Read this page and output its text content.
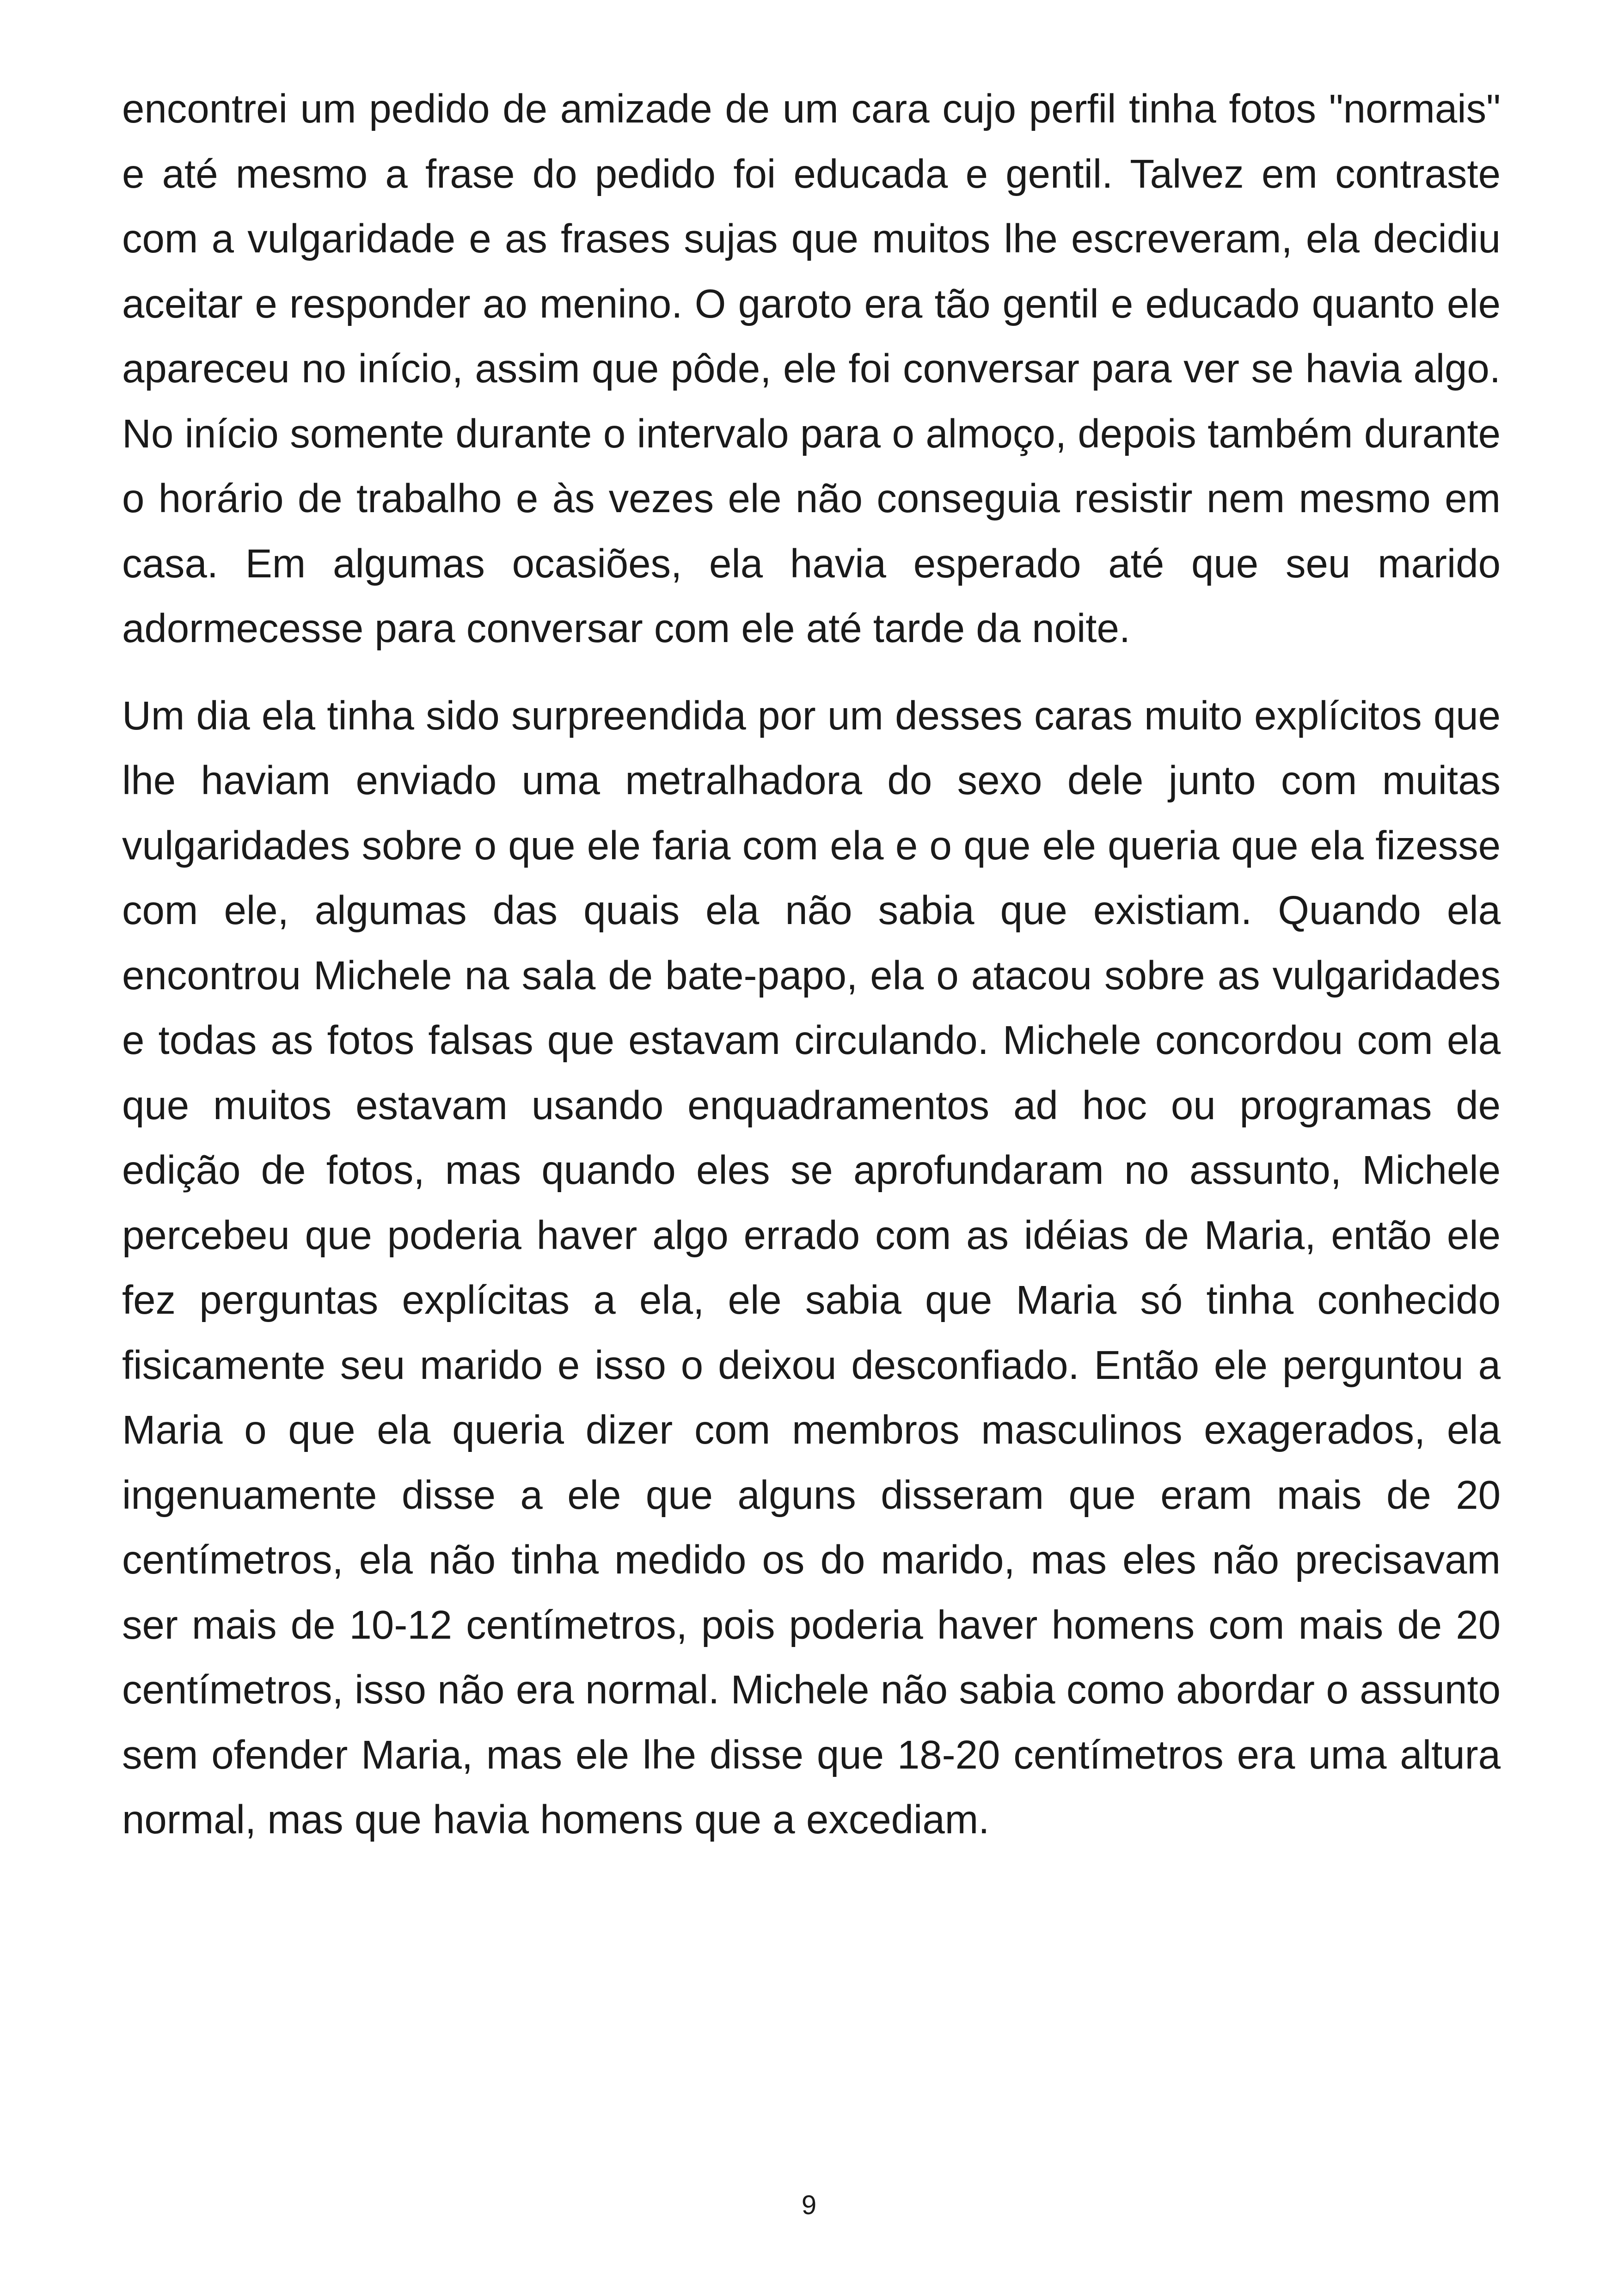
encontrei um pedido de amizade de um cara cujo perfil tinha fotos "normais" e até mesmo a frase do pedido foi educada e gentil. Talvez em contraste com a vulgaridade e as frases sujas que muitos lhe escreveram, ela decidiu aceitar e responder ao menino. O garoto era tão gentil e educado quanto ele apareceu no início, assim que pôde, ele foi conversar para ver se havia algo. No início somente durante o intervalo para o almoço, depois também durante o horário de trabalho e às vezes ele não conseguia resistir nem mesmo em casa. Em algumas ocasiões, ela havia esperado até que seu marido adormecesse para conversar com ele até tarde da noite.

Um dia ela tinha sido surpreendida por um desses caras muito explícitos que lhe haviam enviado uma metralhadora do sexo dele junto com muitas vulgaridades sobre o que ele faria com ela e o que ele queria que ela fizesse com ele, algumas das quais ela não sabia que existiam. Quando ela encontrou Michele na sala de bate-papo, ela o atacou sobre as vulgaridades e todas as fotos falsas que estavam circulando. Michele concordou com ela que muitos estavam usando enquadramentos ad hoc ou programas de edição de fotos, mas quando eles se aprofundaram no assunto, Michele percebeu que poderia haver algo errado com as idéias de Maria, então ele fez perguntas explícitas a ela, ele sabia que Maria só tinha conhecido fisicamente seu marido e isso o deixou desconfiado. Então ele perguntou a Maria o que ela queria dizer com membros masculinos exagerados, ela ingenuamente disse a ele que alguns disseram que eram mais de 20 centímetros, ela não tinha medido os do marido, mas eles não precisavam ser mais de 10-12 centímetros, pois poderia haver homens com mais de 20 centímetros, isso não era normal. Michele não sabia como abordar o assunto sem ofender Maria, mas ele lhe disse que 18-20 centímetros era uma altura normal, mas que havia homens que a excediam.

9
